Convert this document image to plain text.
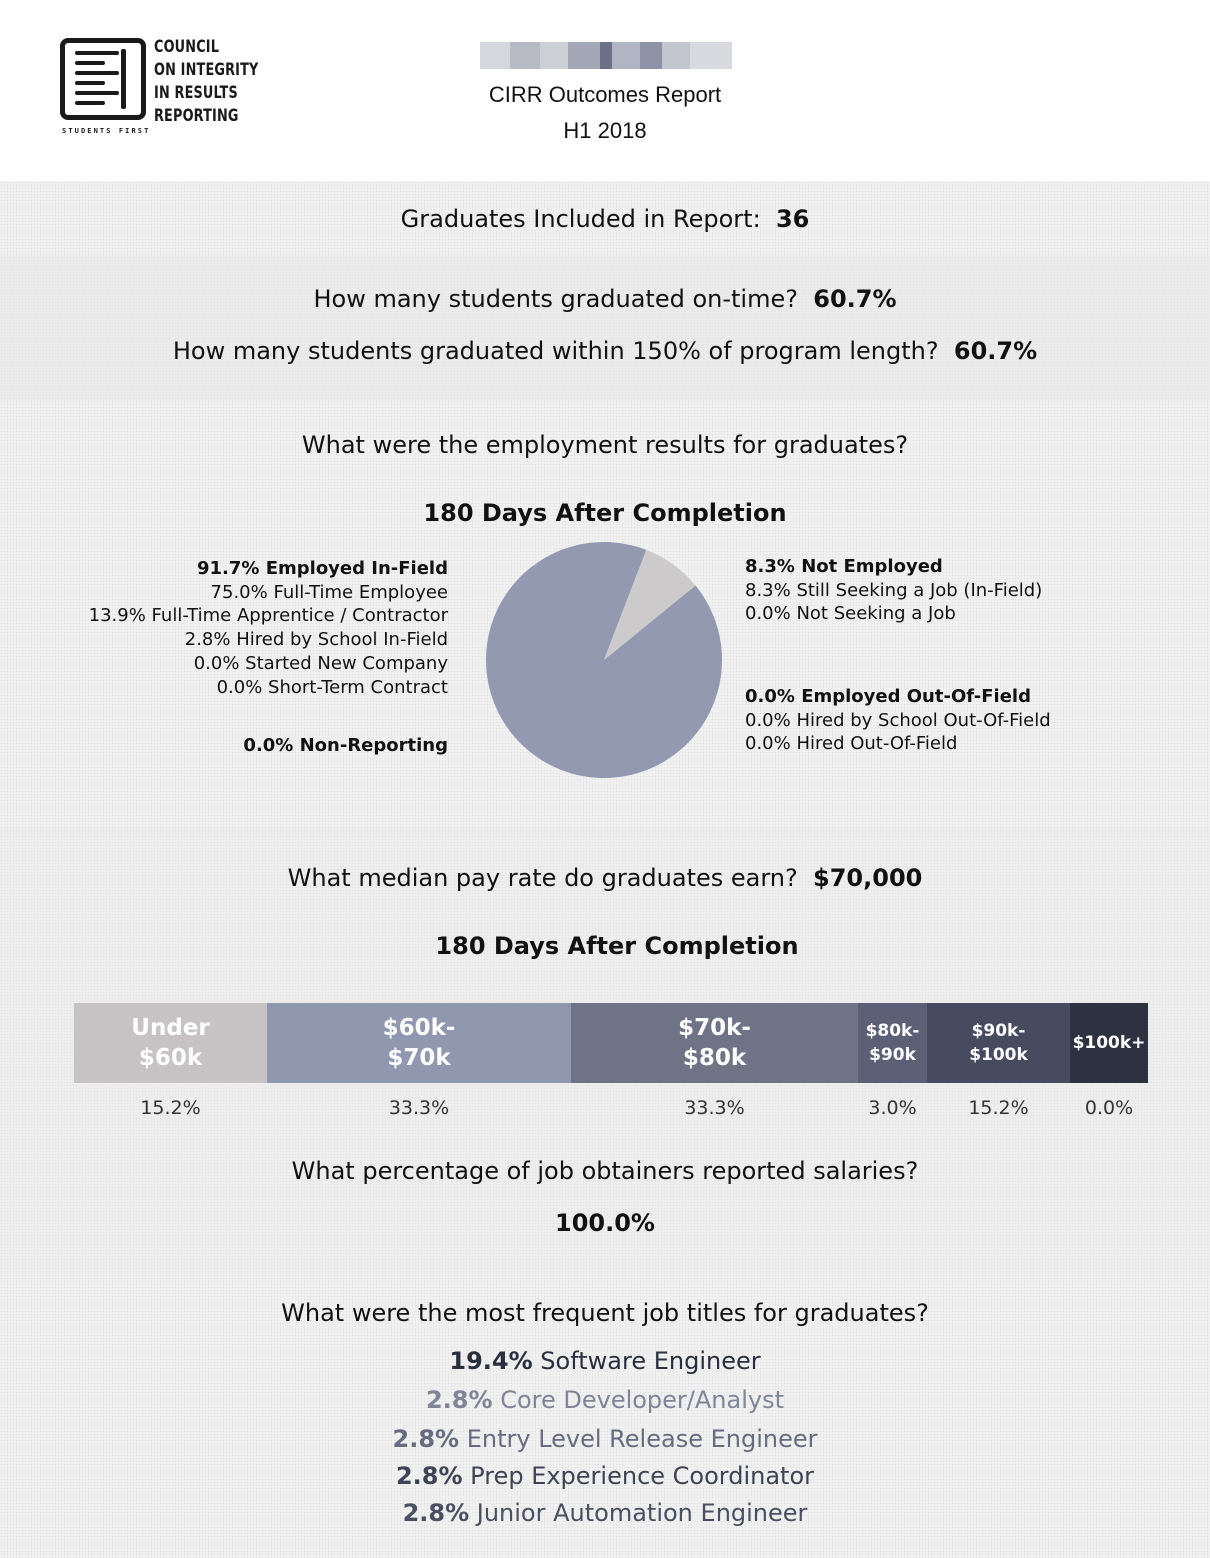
COUNCIL
ON INTEGRITY
IN RESULTS
REPORTING
STUDENTS FIRST
CIRR Outcomes Report
H1 2018
Graduates Included in Report: 36
How many students graduated on-time? 60.7%
How many students graduated within 150% of program length? 60.7%
What were the employment results for graduates?
180 Days After Completion
91.7% Employed In-Field
75.0% Full-Time Employee
13.9% Full-Time Apprentice / Contractor
2.8% Hired by School In-Field
0.0% Started New Company
0.0% Short-Term Contract
0.0% Non-Reporting
8.3% Not Employed
8.3% Still Seeking a Job (In-Field)
0.0% Not Seeking a Job
0.0% Employed Out-Of-Field
0.0% Hired by School Out-Of-Field
0.0% Hired Out-Of-Field
What median pay rate do graduates earn? $70,000
180 Days After Completion
What percentage of job obtainers reported salaries?
100.0%
Under
$60k
15.2%
$60k-
$70k
33.3%
$70k-
$80k
33.3%
$80k-
$90k
3.0%
$90k-
$100k
15.2%
$100k+
0.0%
What were the most frequent job titles for graduates?
19.4% Software Engineer
2.8% Core Developer/Analyst
2.8% Entry Level Release Engineer
2.8% Prep Experience Coordinator
2.8% Junior Automation Engineer
